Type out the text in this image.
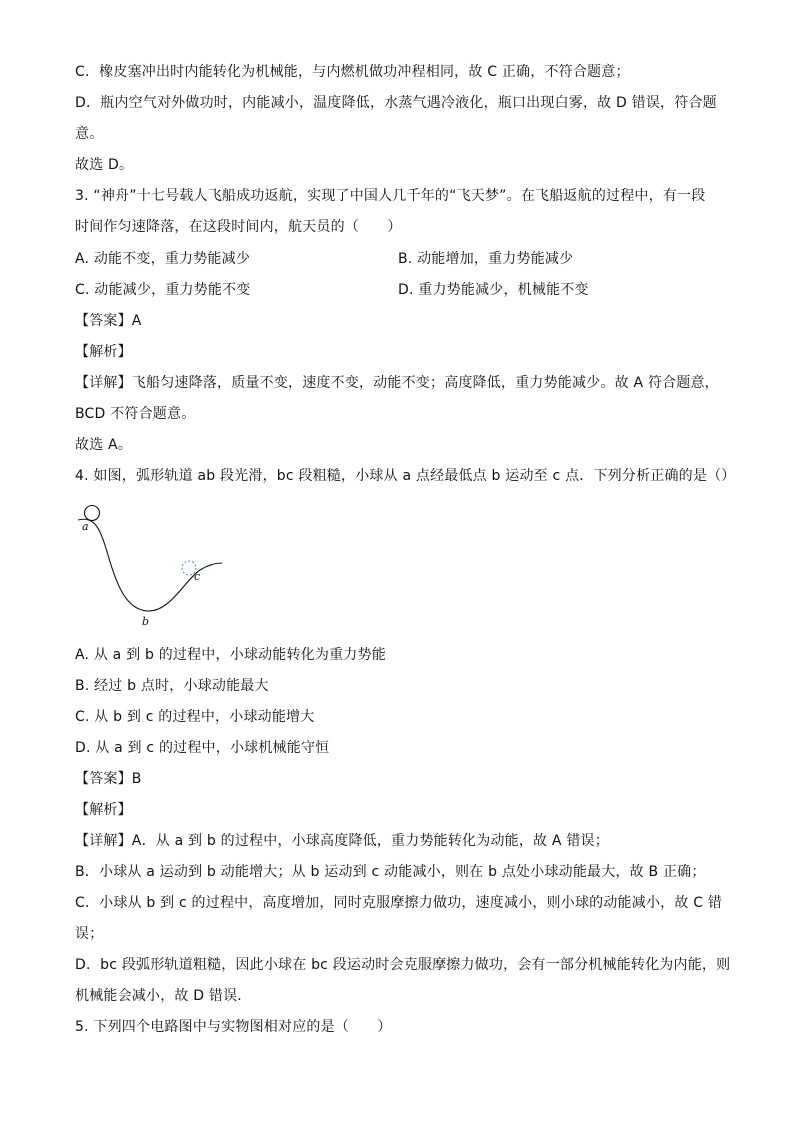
C．橡皮塞冲出时内能转化为机械能，与内燃机做功冲程相同，故 C 正确，不符合题意；
D．瓶内空气对外做功时，内能减小，温度降低，水蒸气遇冷液化，瓶口出现白雾，故 D 错误，符合题
意。
故选 D。
3. “神舟”十七号载人飞船成功返航，实现了中国人几千年的“飞天梦”。在飞船返航的过程中，有一段
时间作匀速降落，在这段时间内，航天员的（　　）
A. 动能不变，重力势能减少	B. 动能增加，重力势能减少
C. 动能减少，重力势能不变	D. 重力势能减少，机械能不变
【答案】A
【解析】
【详解】飞船匀速降落，质量不变，速度不变，动能不变；高度降低，重力势能减少。故 A 符合题意，
BCD 不符合题意。
故选 A。
4. 如图，弧形轨道 ab 段光滑，bc 段粗糙，小球从 a 点经最低点 b 运动至 c 点．下列分析正确的是（）
a
b
c
A. 从 a 到 b 的过程中，小球动能转化为重力势能
B. 经过 b 点时，小球动能最大
C. 从 b 到 c 的过程中，小球动能增大
D. 从 a 到 c 的过程中，小球机械能守恒
【答案】B
【解析】
【详解】A．从 a 到 b 的过程中，小球高度降低，重力势能转化为动能，故 A 错误；
B．小球从 a 运动到 b 动能增大；从 b 运动到 c 动能减小，则在 b 点处小球动能最大，故 B 正确；
C．小球从 b 到 c 的过程中，高度增加，同时克服摩擦力做功，速度减小，则小球的动能减小，故 C 错
误；
D．bc 段弧形轨道粗糙，因此小球在 bc 段运动时会克服摩擦力做功，会有一部分机械能转化为内能，则
机械能会减小，故 D 错误．
5. 下列四个电路图中与实物图相对应的是（　　）
